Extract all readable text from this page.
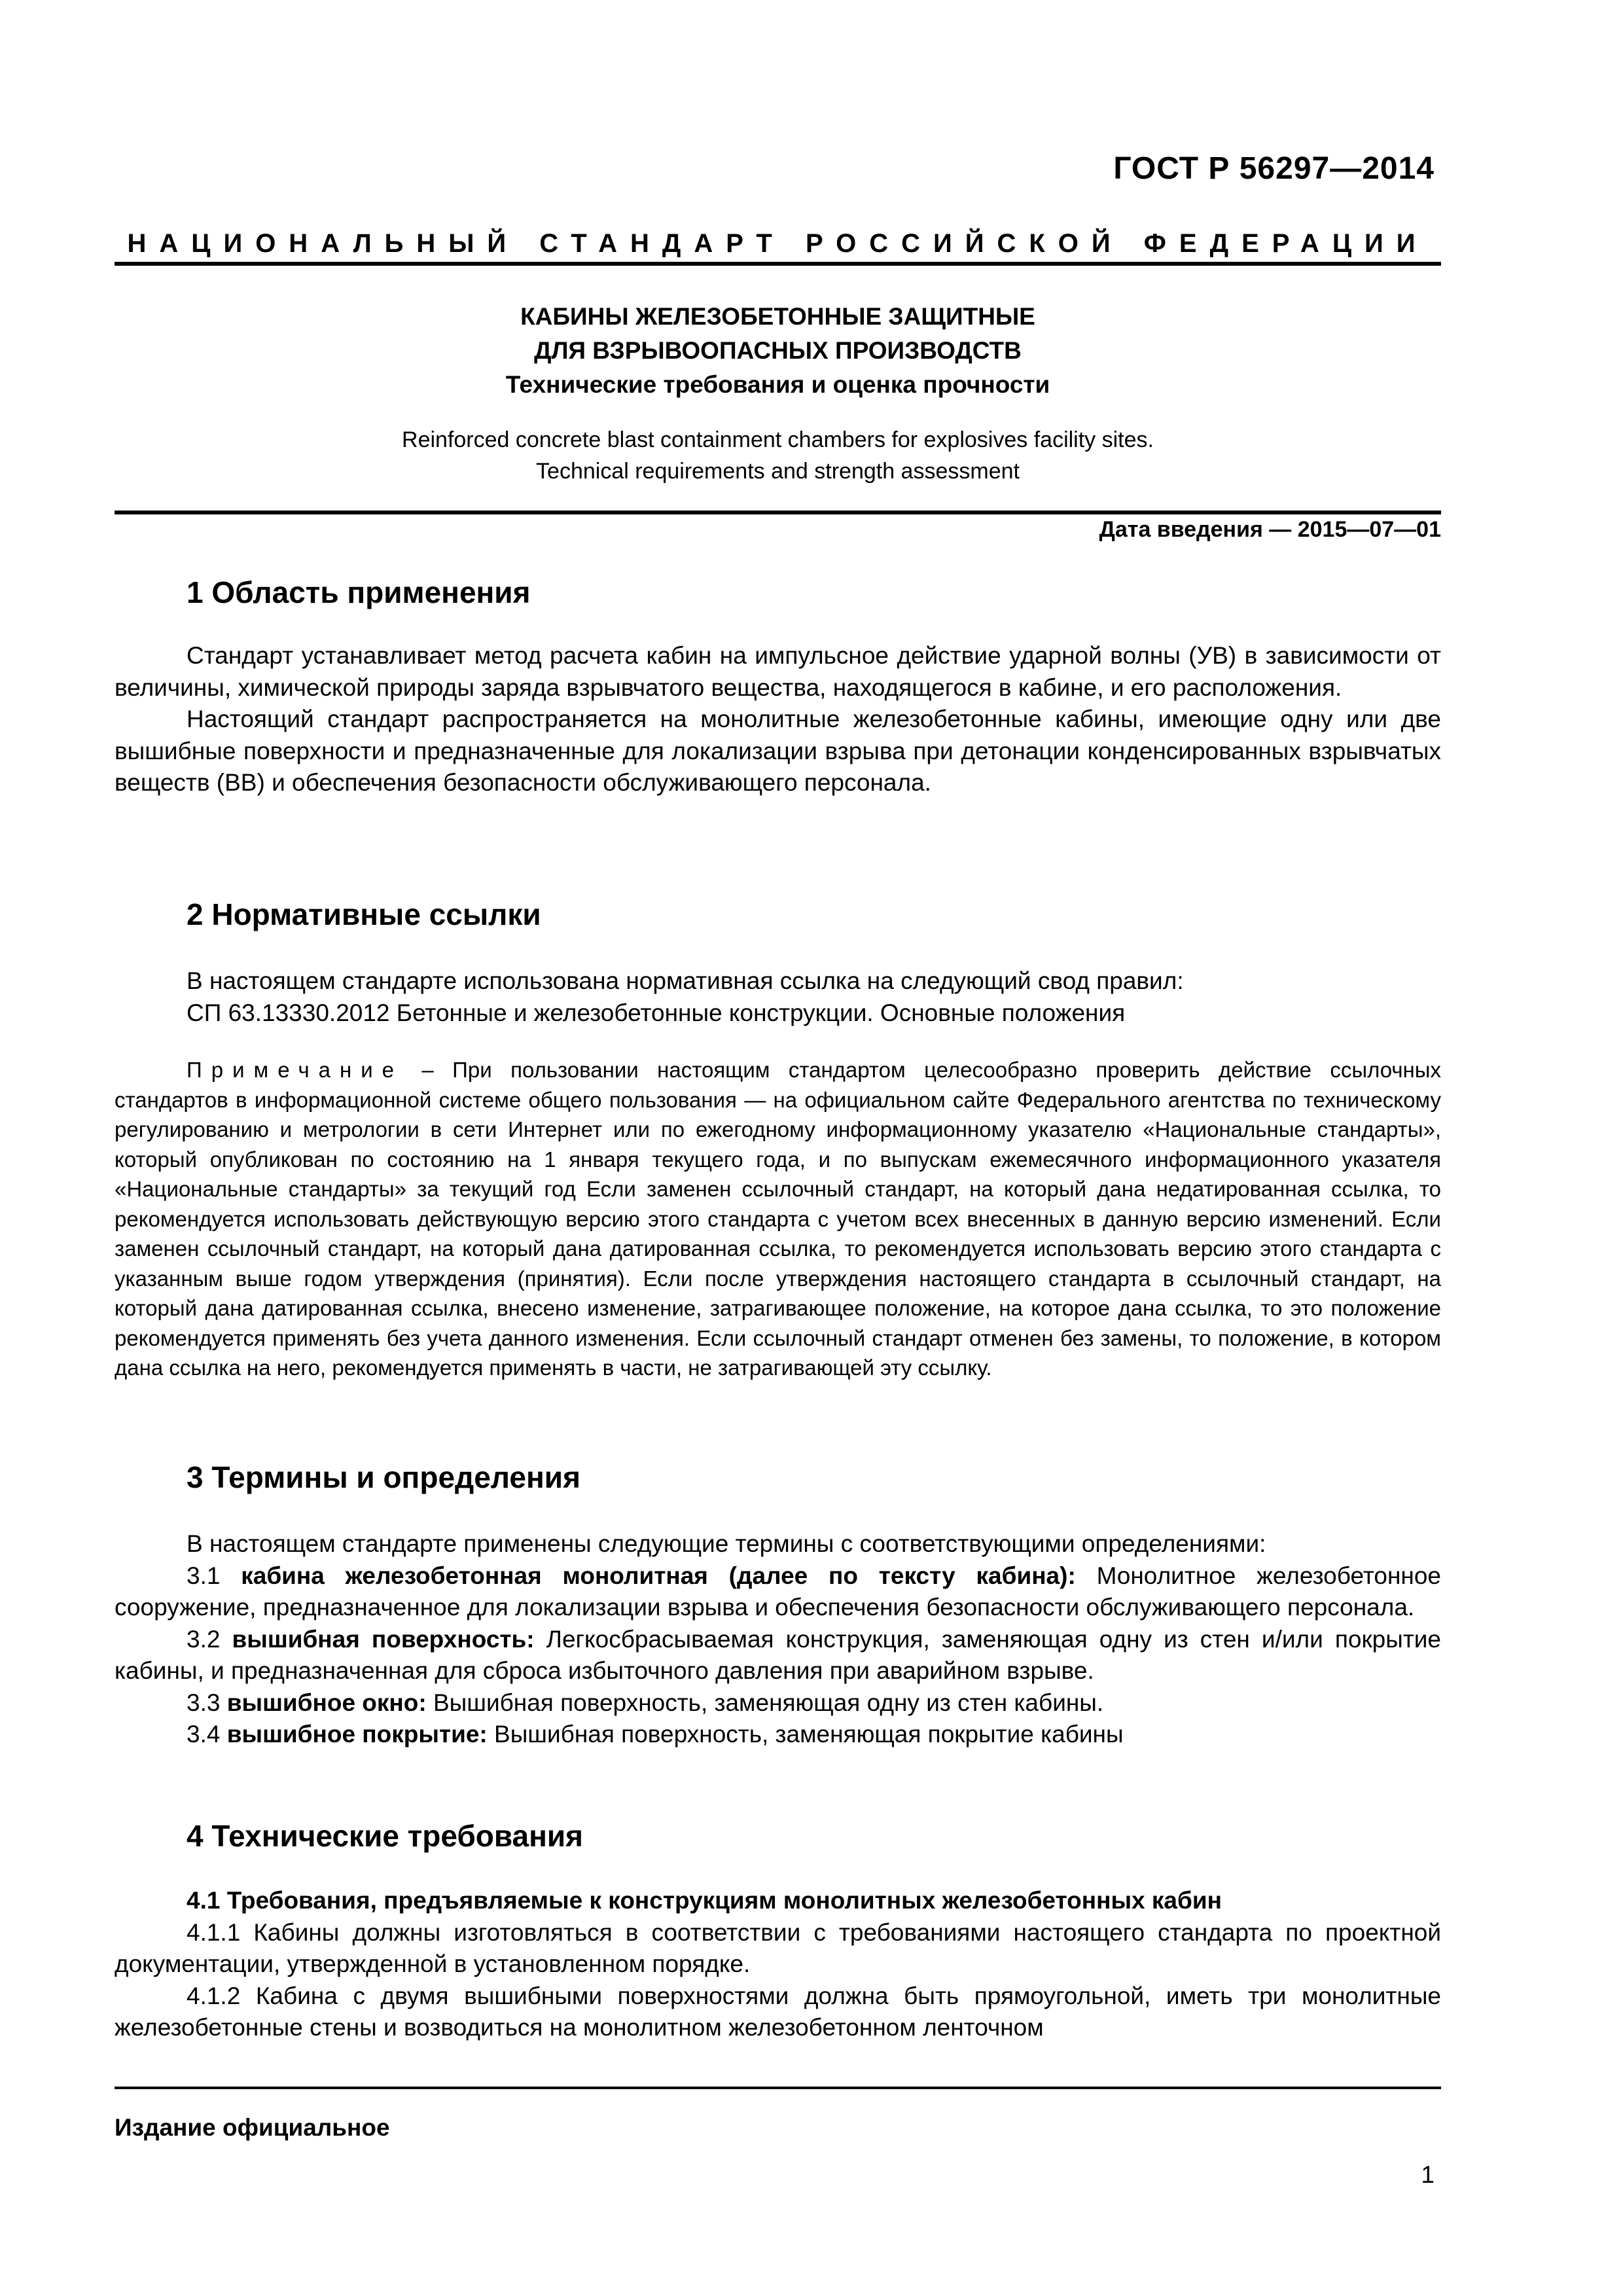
ГОСТ Р 56297—2014
НАЦИОНАЛЬНЫЙ СТАНДАРТ РОССИЙСКОЙ ФЕДЕРАЦИИ
КАБИНЫ ЖЕЛЕЗОБЕТОННЫЕ ЗАЩИТНЫЕ
ДЛЯ ВЗРЫВООПАСНЫХ ПРОИЗВОДСТВ
Технические требования и оценка прочности
Reinforced concrete blast containment chambers for explosives facility sites.
Technical requirements and strength assessment
Дата введения — 2015—07—01
1 Область применения

Стандарт устанавливает метод расчета кабин на импульсное действие ударной волны (УВ) в зависимости от величины, химической природы заряда взрывчатого вещества, находящегося в кабине, и его расположения.

Настоящий стандарт распространяется на монолитные железобетонные кабины, имеющие одну или две вышибные поверхности и предназначенные для локализации взрыва при детонации конденсированных взрывчатых веществ (ВВ) и обеспечения безопасности обслуживающего персонала.

2 Нормативные ссылки

В настоящем стандарте использована нормативная ссылка на следующий свод правил:

СП 63.13330.2012 Бетонные и железобетонные конструкции. Основные положения

Примечание – При пользовании настоящим стандартом целесообразно проверить действие ссылочных стандартов в информационной системе общего пользования — на официальном сайте Федерального агентства по техническому регулированию и метрологии в сети Интернет или по ежегодному информационному указателю «Национальные стандарты», который опубликован по состоянию на 1 января текущего года, и по выпускам ежемесячного информационного указателя «Национальные стандарты» за текущий год Если заменен ссылочный стандарт, на который дана недатированная ссылка, то рекомендуется использовать действующую версию этого стандарта с учетом всех внесенных в данную версию изменений. Если заменен ссылочный стандарт, на который дана датированная ссылка, то рекомендуется использовать версию этого стандарта с указанным выше годом утверждения (принятия). Если после утверждения настоящего стандарта в ссылочный стандарт, на который дана датированная ссылка, внесено изменение, затрагивающее положение, на которое дана ссылка, то это положение рекомендуется применять без учета данного изменения. Если ссылочный стандарт отменен без замены, то положение, в котором дана ссылка на него, рекомендуется применять в части, не затрагивающей эту ссылку.

3 Термины и определения

В настоящем стандарте применены следующие термины с соответствующими определениями:

3.1 кабина железобетонная монолитная (далее по тексту кабина): Монолитное железобетонное сооружение, предназначенное для локализации взрыва и обеспечения безопасности обслуживающего персонала.

3.2 вышибная поверхность: Легкосбрасываемая конструкция, заменяющая одну из стен и/или покрытие кабины, и предназначенная для сброса избыточного давления при аварийном взрыве.

3.3 вышибное окно: Вышибная поверхность, заменяющая одну из стен кабины.

3.4 вышибное покрытие: Вышибная поверхность, заменяющая покрытие кабины

4 Технические требования

4.1 Требования, предъявляемые к конструкциям монолитных железобетонных кабин

4.1.1 Кабины должны изготовляться в соответствии с требованиями настоящего стандарта по проектной документации, утвержденной в установленном порядке.

4.1.2 Кабина с двумя вышибными поверхностями должна быть прямоугольной, иметь три монолитные железобетонные стены и возводиться на монолитном железобетонном ленточном

Издание официальное
1
